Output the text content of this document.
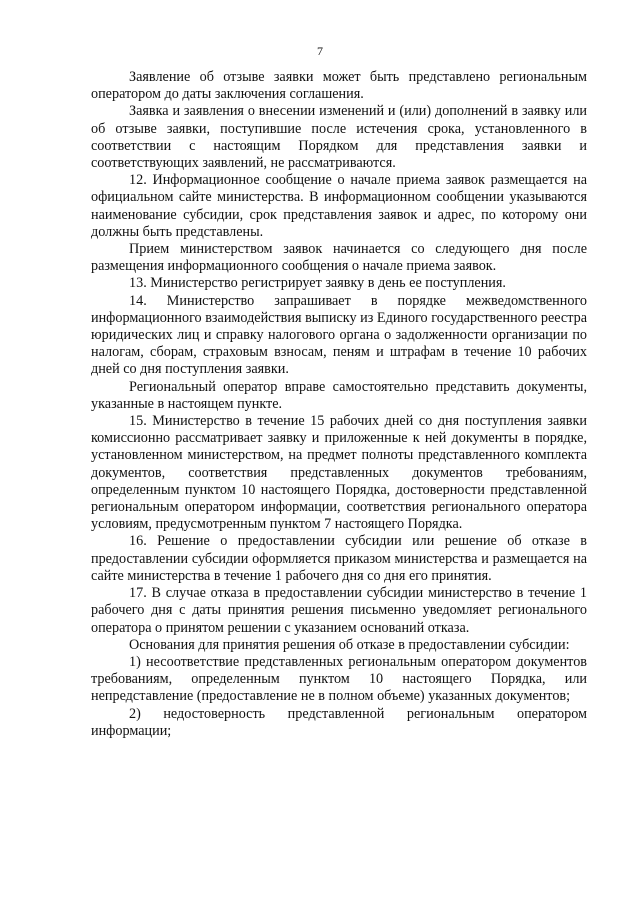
7

Заявление об отзыве заявки может быть представлено региональным оператором до даты заключения соглашения.

Заявка и заявления о внесении изменений и (или) дополнений в заявку или об отзыве заявки, поступившие после истечения срока, установленного в соответствии с настоящим Порядком для представления заявки и соответствующих заявлений, не рассматриваются.

12. Информационное сообщение о начале приема заявок размещается на официальном сайте министерства. В информационном сообщении указываются наименование субсидии, срок представления заявок и адрес, по которому они должны быть представлены.

Прием министерством заявок начинается со следующего дня после размещения информационного сообщения о начале приема заявок.

13. Министерство регистрирует заявку в день ее поступления.

14. Министерство запрашивает в порядке межведомственного информационного взаимодействия выписку из Единого государственного реестра юридических лиц и справку налогового органа о задолженности организации по налогам, сборам, страховым взносам, пеням и штрафам в течение 10 рабочих дней со дня поступления заявки.

Региональный оператор вправе самостоятельно представить документы, указанные в настоящем пункте.

15. Министерство в течение 15 рабочих дней со дня поступления заявки комиссионно рассматривает заявку и приложенные к ней документы в порядке, установленном министерством, на предмет полноты представленного комплекта документов, соответствия представленных документов требованиям, определенным пунктом 10 настоящего Порядка, достоверности представленной региональным оператором информации, соответствия регионального оператора условиям, предусмотренным пунктом 7 настоящего Порядка.

16. Решение о предоставлении субсидии или решение об отказе в предоставлении субсидии оформляется приказом министерства и размещается на сайте министерства в течение 1 рабочего дня со дня его принятия.

17. В случае отказа в предоставлении субсидии министерство в течение 1 рабочего дня с даты принятия решения письменно уведомляет регионального оператора о принятом решении с указанием оснований отказа.

Основания для принятия решения об отказе в предоставлении субсидии:

1) несоответствие представленных региональным оператором документов требованиям, определенным пунктом 10 настоящего Порядка, или непредставление (предоставление не в полном объеме) указанных документов;

2) недостоверность представленной региональным оператором информации;
